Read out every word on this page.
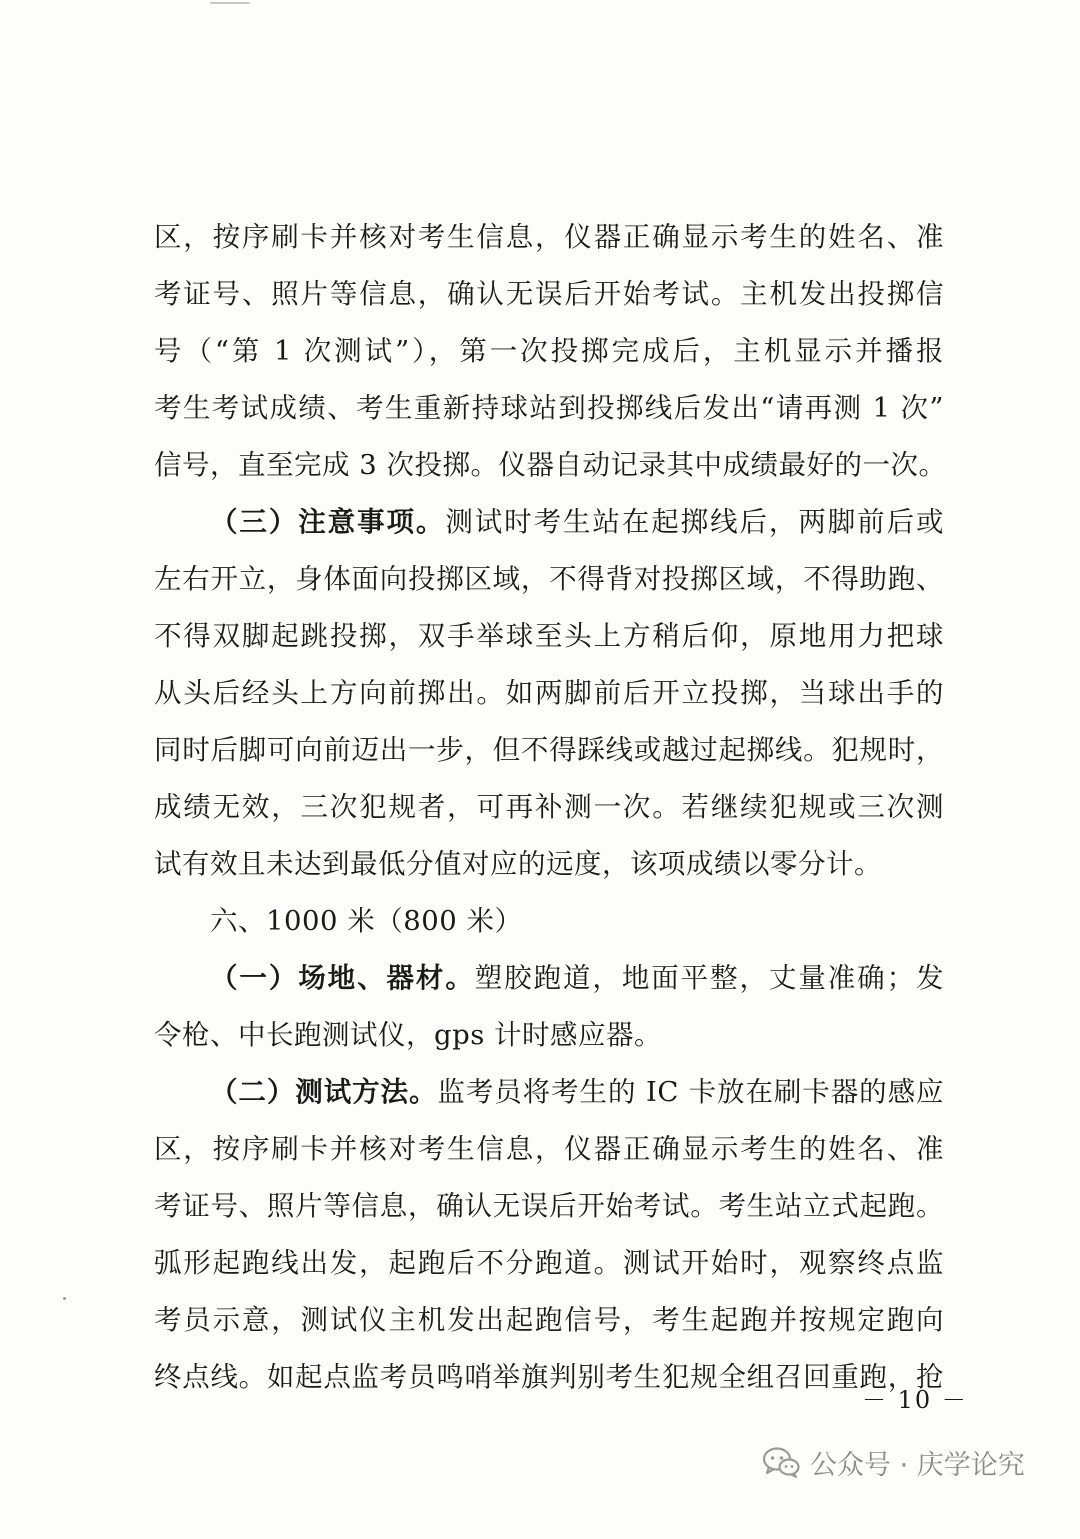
区，按序刷卡并核对考生信息，仪器正确显示考生的姓名、准
考证号、照片等信息，确认无误后开始考试。主机发出投掷信
号（“第 1 次测试”），第一次投掷完成后，主机显示并播报
考生考试成绩、考生重新持球站到投掷线后发出“请再测 1 次”
信号，直至完成 3 次投掷。仪器自动记录其中成绩最好的一次。
（三）注意事项。测试时考生站在起掷线后，两脚前后或
左右开立，身体面向投掷区域，不得背对投掷区域，不得助跑、
不得双脚起跳投掷，双手举球至头上方稍后仰，原地用力把球
从头后经头上方向前掷出。如两脚前后开立投掷，当球出手的
同时后脚可向前迈出一步，但不得踩线或越过起掷线。犯规时，
成绩无效，三次犯规者，可再补测一次。若继续犯规或三次测
试有效且未达到最低分值对应的远度，该项成绩以零分计。
六、1000 米（800 米）
（一）场地、器材。塑胶跑道，地面平整，丈量准确；发
令枪、中长跑测试仪，gps 计时感应器。
（二）测试方法。监考员将考生的 IC 卡放在刷卡器的感应
区，按序刷卡并核对考生信息，仪器正确显示考生的姓名、准
考证号、照片等信息，确认无误后开始考试。考生站立式起跑。
弧形起跑线出发，起跑后不分跑道。测试开始时，观察终点监
考员示意，测试仪主机发出起跑信号，考生起跑并按规定跑向
终点线。如起点监考员鸣哨举旗判别考生犯规全组召回重跑，抢
－ 10 －
公众号 · 庆学论究
